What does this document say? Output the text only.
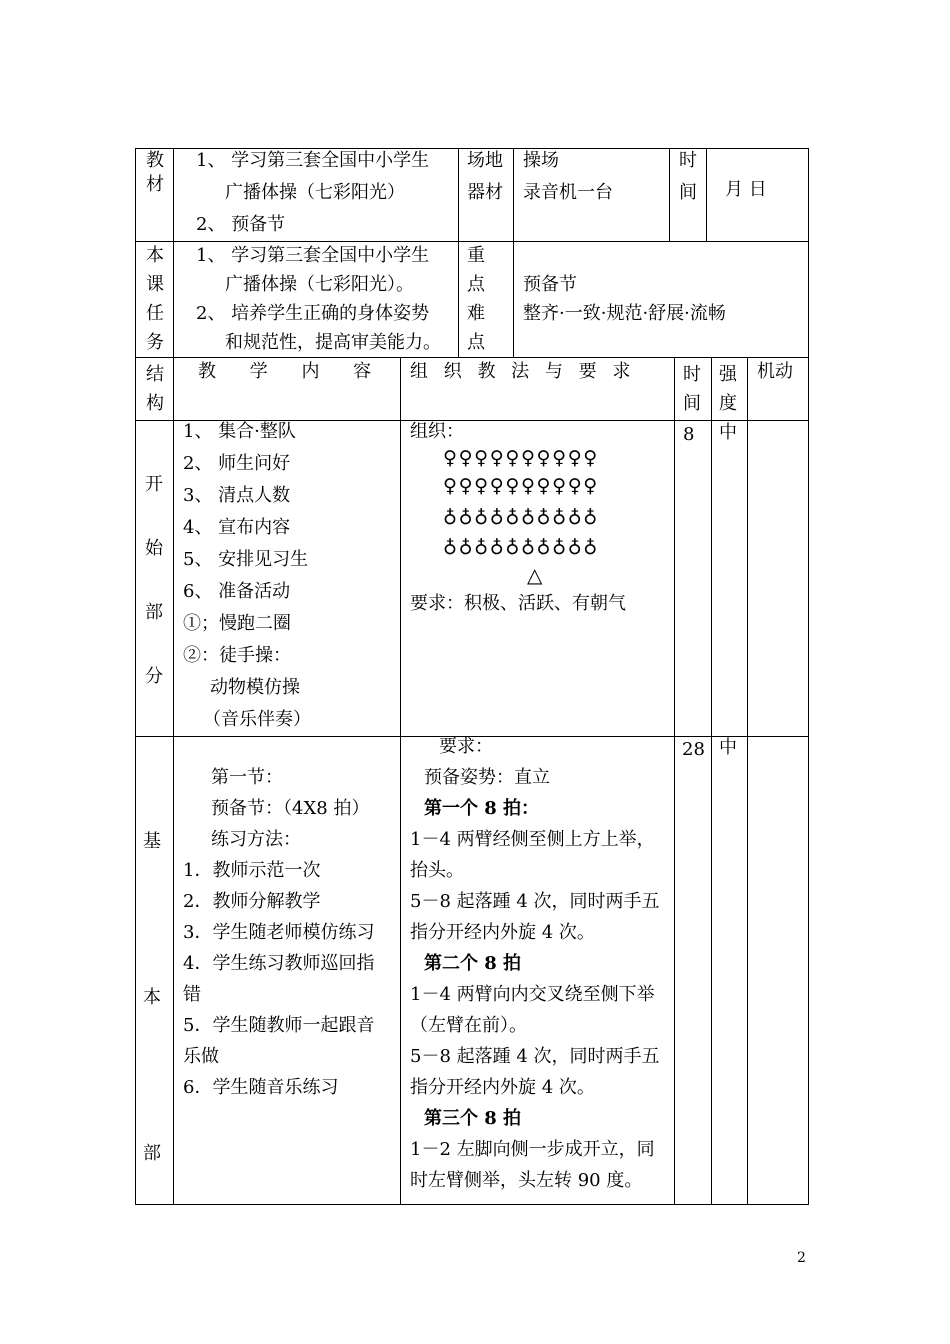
教
材
1、 学习第三套全国中小学生
广播体操（七彩阳光）
2、 预备节
场地
器材
操场
录音机一台
时
间 月 日
本
课
任
务
1、 学习第三套全国中小学生
广播体操（七彩阳光）。
2、 培养学生正确的身体姿势
和规范性，提高审美能力。
重
点
难
点
预备节
整齐·一致·规范·舒展·流畅
结
构
教 学 内 容 组 织 教 法 与 要 求	时
间
强
度
机动
开
始
部
分
1、 集合·整队
2、 师生问好
3、 清点人数
4、 宣布内容
5、 安排见习生
6、 准备活动
①；慢跑二圈
②：徒手操：
动物模仿操
（音乐伴奏）
组织：
♀♀♀♀♀♀♀♀♀♀
♀♀♀♀♀♀♀♀♀♀
♁♁♁♁♁♁♁♁♁♁
♁♁♁♁♁♁♁♁♁♁
△
要求：积极、活跃、有朝气
8 中
基
本
部
第一节：
预备节：（4X8 拍）
练习方法：
1．教师示范一次
2．教师分解教学
3．学生随老师模仿练习
4．学生练习教师巡回指
错
5．学生随教师一起跟音
乐做
6．学生随音乐练习
要求：
预备姿势：直立
第一个 8 拍：
1－4 两臂经侧至侧上方上举，
抬头。
5－8 起落踵 4 次，同时两手五
指分开经内外旋 4 次。
第二个 8 拍
1－4 两臂向内交叉绕至侧下举
（左臂在前）。
5－8 起落踵 4 次，同时两手五
指分开经内外旋 4 次。
第三个 8 拍
1－2 左脚向侧一步成开立，同
时左臂侧举，头左转 90 度。
28 中
2
